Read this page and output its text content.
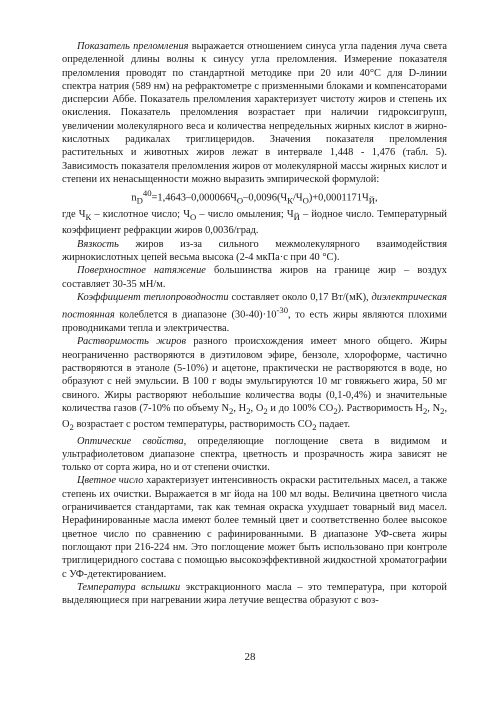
Показатель преломления выражается отношением синуса угла падения луча света определенной длины волны к синусу угла преломления. Измерение показателя преломления проводят по стандартной методике при 20 или 40°С для D-линии спектра натрия (589 нм) на рефрактометре с призменными блоками и компенсаторами дисперсии Аббе. Показатель преломления характеризует чистоту жиров и степень их окисления. Показатель преломления возрастает при наличии гидроксигрупп, увеличении молекулярного веса и количества непредельных жирных кислот в жирно-кислотных радикалах триглицеридов. Значения показателя преломления растительных и животных жиров лежат в интервале 1,448 - 1,476 (табл. 5). Зависимость показателя преломления жиров от молекулярной массы жирных кислот и степени их ненасыщенности можно выразить эмпирической формулой:

$n_D^{40}=1,4643-0,000066Ч_О-0,0096(Ч_К/Ч_О)+0,0001171Ч_Й$,

где $Ч_К$ – кислотное число; $Ч_О$ – число омыления; $Ч_Й$ – йодное число. Температурный коэффициент рефракции жиров 0,0036/град.

Вязкость жиров из-за сильного межмолекулярного взаимодействия жирнокислотных цепей весьма высока (2-4 мкПа·с при 40 °С).

Поверхностное натяжение большинства жиров на границе жир – воздух составляет 30-35 мН/м.

Коэффициент теплопроводности составляет около 0,17 Вт/(мК), диэлектрическая постоянная колеблется в диапазоне $(30-40)\cdot 10^{-30}$, то есть жиры являются плохими проводниками тепла и электричества.

Растворимость жиров разного происхождения имеет много общего. Жиры неограниченно растворяются в диэтиловом эфире, бензоле, хлороформе, частично растворяются в этаноле (5-10%) и ацетоне, практически не растворяются в воде, но образуют с ней эмульсии. В 100 г воды эмульгируются 10 мг говяжьего жира, 50 мг свиного. Жиры растворяют небольшие количества воды (0,1-0,4%) и значительные количества газов (7-10% по объему $N_2$, $H_2$, $O_2$ и до 100% $CO_2$). Растворимость $H_2$, $N_2$, $O_2$ возрастает с ростом температуры, растворимость $CO_2$ падает.

Оптические свойства, определяющие поглощение света в видимом и ультрафиолетовом диапазоне спектра, цветность и прозрачность жира зависят не только от сорта жира, но и от степени очистки.

Цветное число характеризует интенсивность окраски растительных масел, а также степень их очистки. Выражается в мг йода на 100 мл воды. Величина цветного числа ограничивается стандартами, так как темная окраска ухудшает товарный вид масел. Нерафинированные масла имеют более темный цвет и соответственно более высокое цветное число по сравнению с рафинированными. В диапазоне УФ-света жиры поглощают при 216-224 нм. Это поглощение может быть использовано при контроле триглицеридного состава с помощью высокоэффективной жидкостной хроматографии с УФ-детектированием.

Температура вспышки экстракционного масла – это температура, при которой выделяющиеся при нагревании жира летучие вещества образуют с воз-

28
